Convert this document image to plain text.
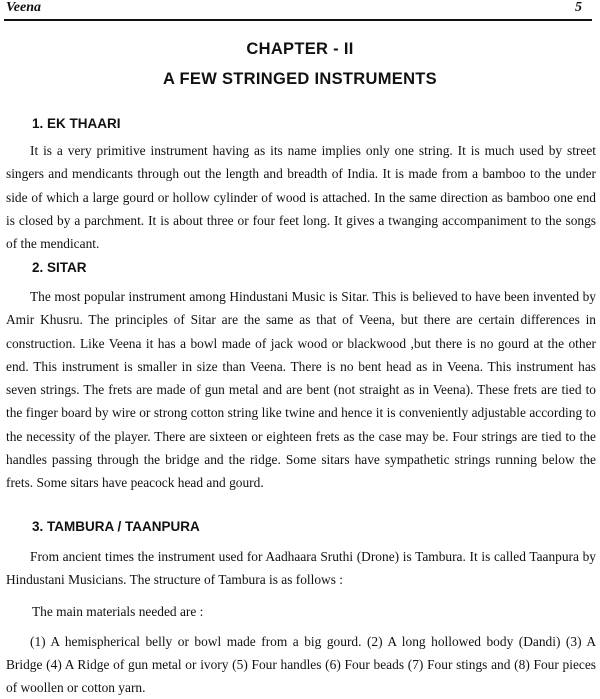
Veena	5
CHAPTER - II
A FEW STRINGED INSTRUMENTS
1. EK THAARI
It is a very primitive instrument having as its name implies only one string. It is much used by street singers and mendicants through out the length and breadth of India. It is made from a bamboo to the under side of which a large gourd or hollow cylinder of wood is attached. In the same direction as bamboo one end is closed by a parchment. It is about three or four feet long. It gives a twanging accompaniment to the songs of the mendicant.
2. SITAR
The most popular instrument among Hindustani Music is Sitar. This is believed to have been invented by Amir Khusru. The principles of Sitar are the same as that of Veena, but there are certain differences in construction. Like Veena it has a bowl made of jack wood or blackwood ,but there is no gourd at the other end. This instrument is smaller in size than Veena. There is no bent head as in Veena. This instrument has seven strings. The frets are made of gun metal and are bent (not straight as in Veena). These frets are tied to the finger board by wire or strong cotton string like twine and hence it is conveniently adjustable according to the necessity of the player. There are sixteen or eighteen frets as the case may be. Four strings are tied to the handles passing through the bridge and the ridge. Some sitars have sympathetic strings running below the frets. Some sitars have peacock head and gourd.
3. TAMBURA / TAANPURA
From ancient times the instrument used for Aadhaara Sruthi (Drone) is Tambura. It is called Taanpura by Hindustani Musicians. The structure of Tambura is as follows :
The main materials needed are :
(1) A hemispherical belly or bowl made from a big gourd. (2) A long hollowed body (Dandi) (3) A Bridge (4) A Ridge of gun metal or ivory (5) Four handles (6) Four beads (7) Four stings and (8) Four pieces of woollen or cotton yarn.
